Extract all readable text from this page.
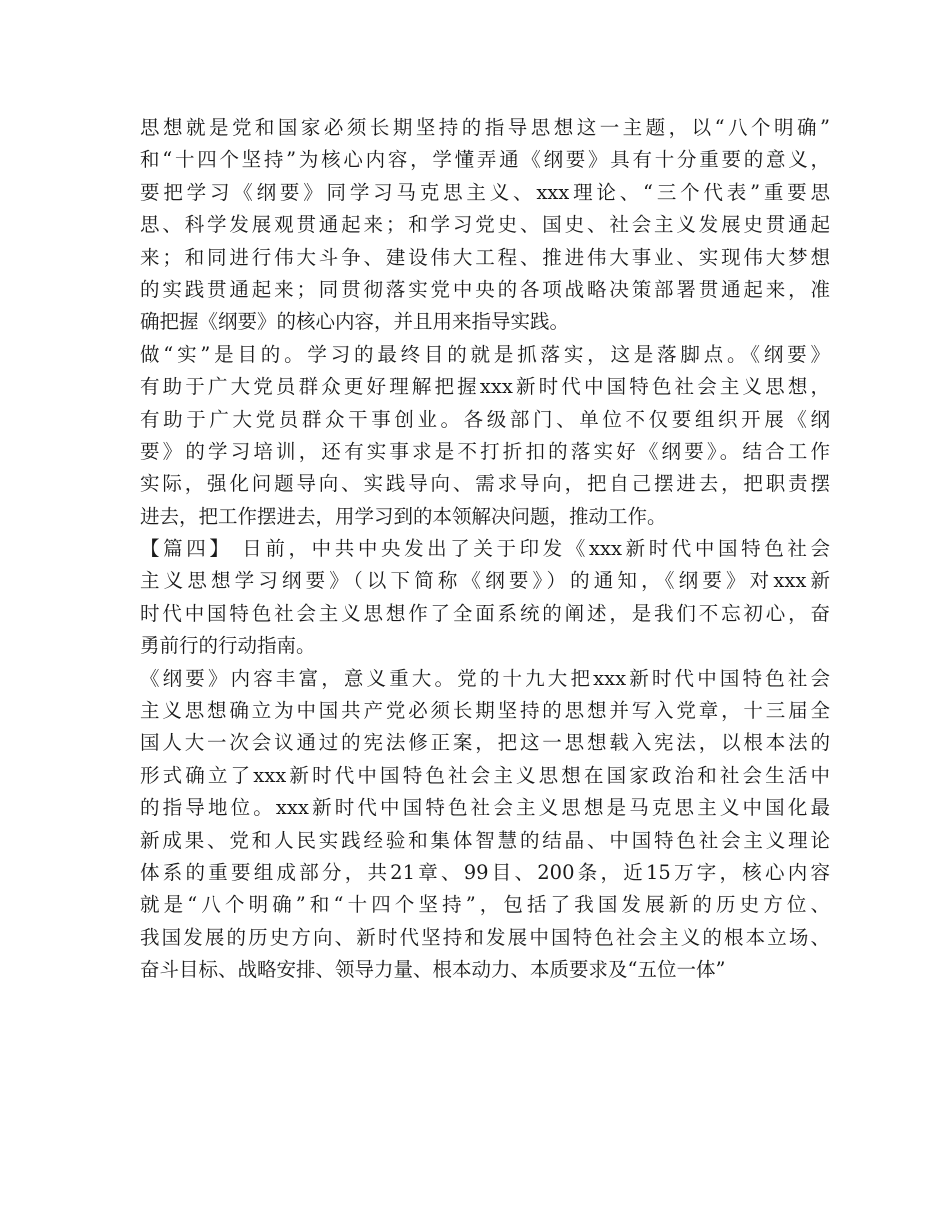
思想就是党和国家必须长期坚持的指导思想这一主题，以“八个明确”
和“十四个坚持”为核心内容，学懂弄通《纲要》具有十分重要的意义，
要把学习《纲要》同学习马克思主义、xxx理论、“三个代表”重要思
思、科学发展观贯通起来；和学习党史、国史、社会主义发展史贯通起
来；和同进行伟大斗争、建设伟大工程、推进伟大事业、实现伟大梦想
的实践贯通起来；同贯彻落实党中央的各项战略决策部署贯通起来，准
确把握《纲要》的核心内容，并且用来指导实践。
做“实”是目的。学习的最终目的就是抓落实，这是落脚点。《纲要》
有助于广大党员群众更好理解把握xxx新时代中国特色社会主义思想，
有助于广大党员群众干事创业。各级部门、单位不仅要组织开展《纲
要》的学习培训，还有实事求是不打折扣的落实好《纲要》。结合工作
实际，强化问题导向、实践导向、需求导向，把自己摆进去，把职责摆
进去，把工作摆进去，用学习到的本领解决问题，推动工作。
【篇四】 日前，中共中央发出了关于印发《xxx新时代中国特色社会
主义思想学习纲要》（以下简称《纲要》）的通知，《纲要》对xxx新
时代中国特色社会主义思想作了全面系统的阐述，是我们不忘初心，奋
勇前行的行动指南。
《纲要》内容丰富，意义重大。党的十九大把xxx新时代中国特色社会
主义思想确立为中国共产党必须长期坚持的思想并写入党章，十三届全
国人大一次会议通过的宪法修正案，把这一思想载入宪法，以根本法的
形式确立了xxx新时代中国特色社会主义思想在国家政治和社会生活中
的指导地位。xxx新时代中国特色社会主义思想是马克思主义中国化最
新成果、党和人民实践经验和集体智慧的结晶、中国特色社会主义理论
体系的重要组成部分，共21章、99目、200条，近15万字，核心内容
就是“八个明确”和“十四个坚持”，包括了我国发展新的历史方位、
我国发展的历史方向、新时代坚持和发展中国特色社会主义的根本立场、
奋斗目标、战略安排、领导力量、根本动力、本质要求及“五位一体”
